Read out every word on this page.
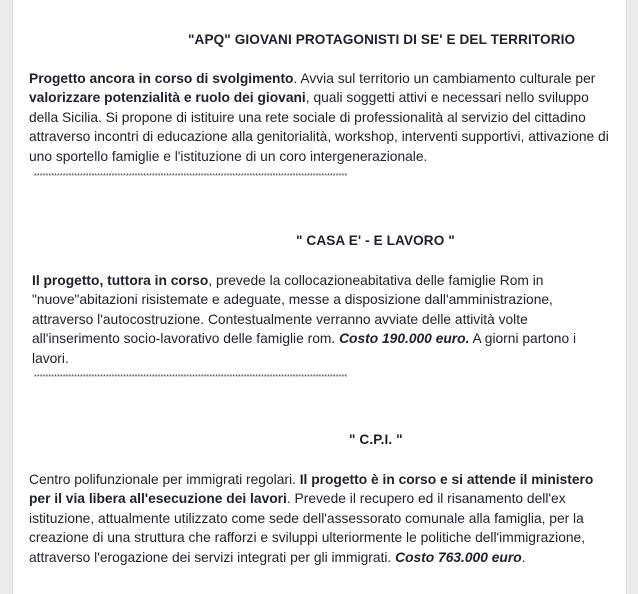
"APQ" GIOVANI PROTAGONISTI DI SE' E DEL TERRITORIO
Progetto ancora in corso di svolgimento. Avvia sul territorio un cambiamento culturale per valorizzare potenzialità e ruolo dei giovani, quali soggetti attivi e necessari nello sviluppo della Sicilia. Si propone di istituire una rete sociale di professionalità al servizio del cittadino attraverso incontri di educazione alla genitorialità, workshop, interventi supportivi, attivazione di uno sportello famiglie e l'istituzione di un coro intergenerazionale.
*************************************************************************************************************
" CASA E' - E LAVORO "
Il progetto, tuttora in corso, prevede la collocazioneabitativa delle famiglie Rom in "nuove"abitazioni risistemate e adeguate, messe a disposizione dall'amministrazione, attraverso l'autocostruzione. Contestualmente verranno avviate delle attività volte all'inserimento socio-lavorativo delle famiglie rom. Costo 190.000 euro. A giorni partono i lavori.
*************************************************************************************************************
" C.P.I. "
Centro polifunzionale per immigrati regolari. Il progetto è in corso e si attende il ministero per il via libera all'esecuzione dei lavori. Prevede il recupero ed il risanamento dell'ex istituzione, attualmente utilizzato come sede dell'assessorato comunale alla famiglia, per la creazione di una struttura che rafforzi e sviluppi ulteriormente le politiche dell'immigrazione, attraverso l'erogazione dei servizi integrati per gli immigrati. Costo 763.000 euro.
